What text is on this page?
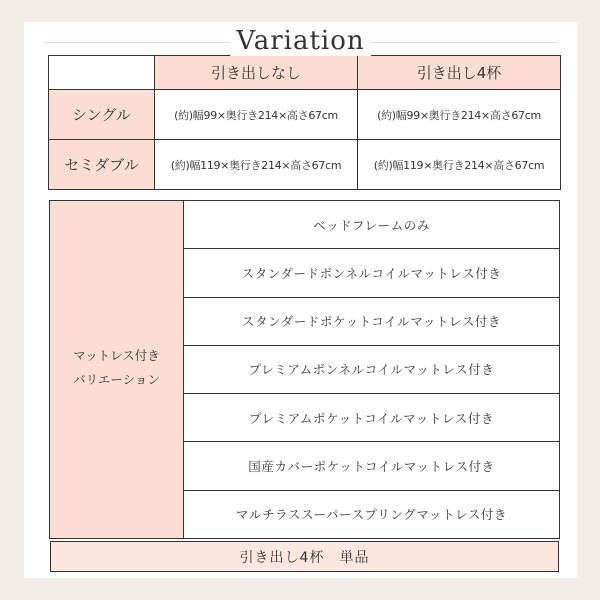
Variation
	引き出しなし	引き出し4杯
シングル	(約)幅99×奥行き214×高さ67cm	(約)幅99×奥行き214×高さ67cm
セミダブル	(約)幅119×奥行き214×高さ67cm	(約)幅119×奥行き214×高さ67cm
マットレス付き
バリエーション
ベッドフレームのみ
スタンダードボンネルコイルマットレス付き
スタンダードポケットコイルマットレス付き
プレミアムボンネルコイルマットレス付き
プレミアムポケットコイルマットレス付き
国産カバーポケットコイルマットレス付き
マルチラススーパースプリングマットレス付き
引き出し4杯　単品
